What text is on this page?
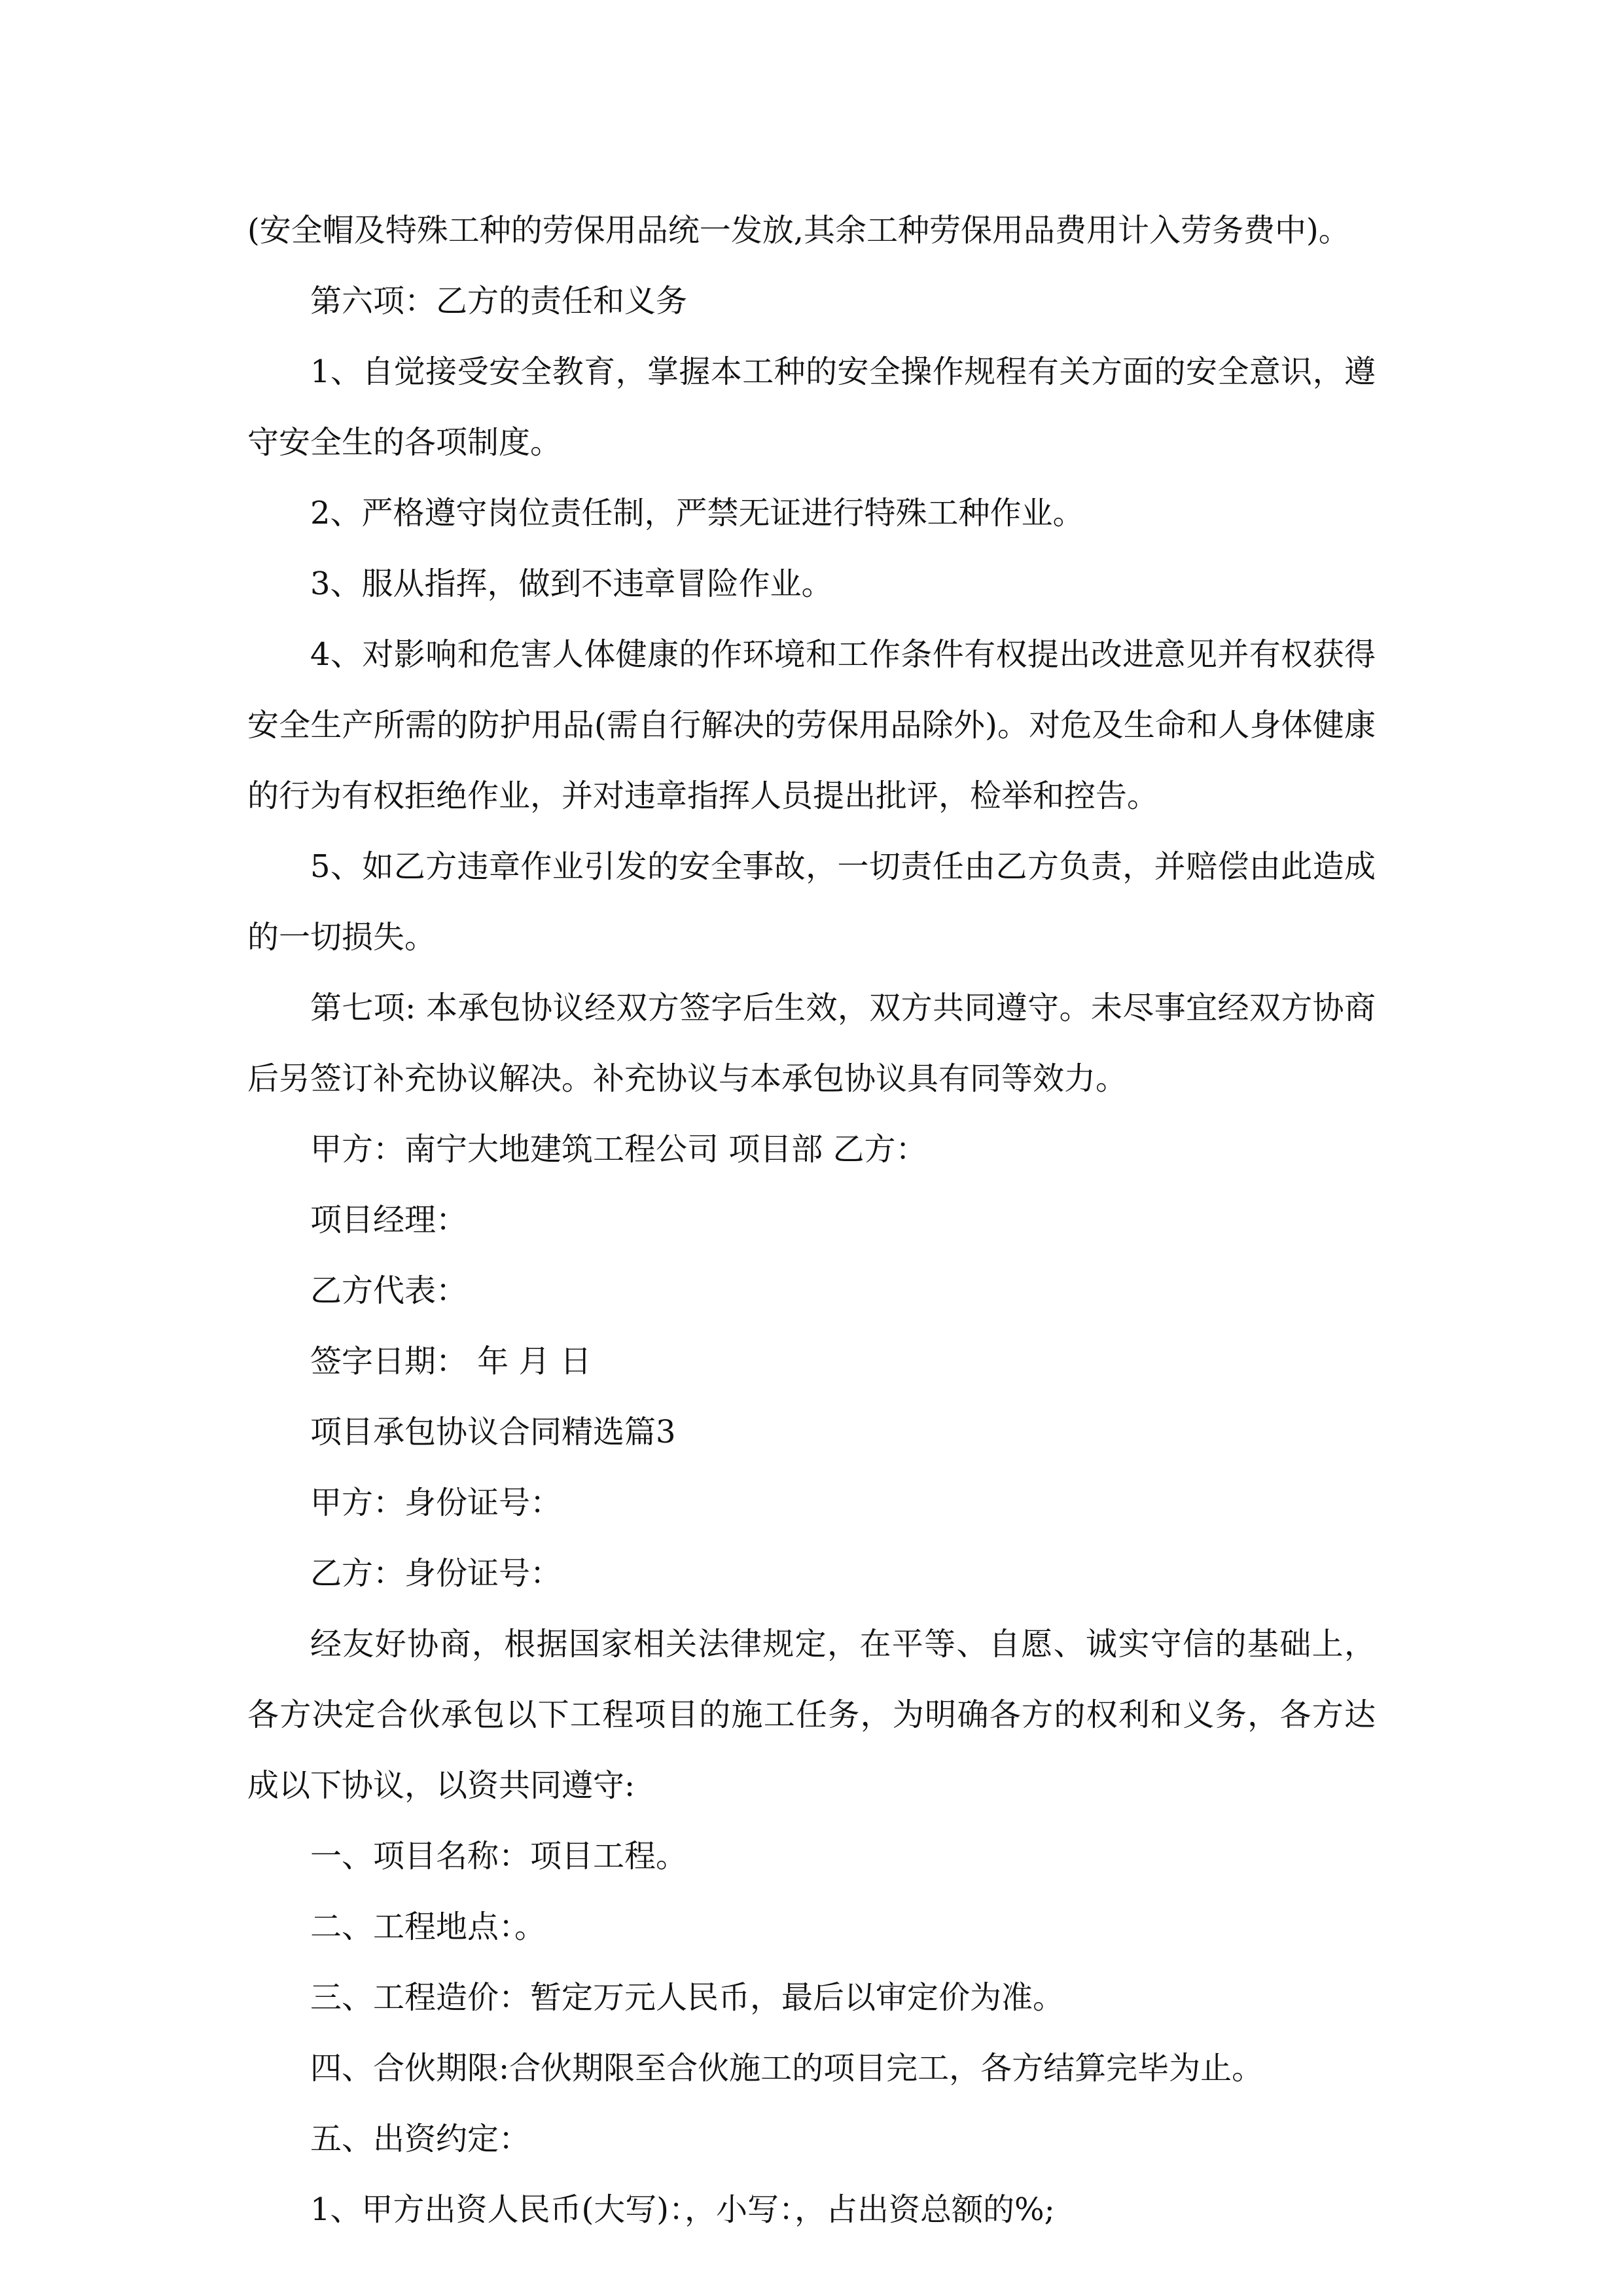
(安全帽及特殊工种的劳保用品统一发放,其余工种劳保用品费用计入劳务费中)。

第六项：乙方的责任和义务

1、自觉接受安全教育，掌握本工种的安全操作规程有关方面的安全意识，遵守安全生的各项制度。

2、严格遵守岗位责任制，严禁无证进行特殊工种作业。

3、服从指挥，做到不违章冒险作业。

4、对影响和危害人体健康的作环境和工作条件有权提出改进意见并有权获得安全生产所需的防护用品(需自行解决的劳保用品除外)。对危及生命和人身体健康的行为有权拒绝作业，并对违章指挥人员提出批评，检举和控告。

5、如乙方违章作业引发的安全事故，一切责任由乙方负责，并赔偿由此造成的一切损失。

第七项: 本承包协议经双方签字后生效，双方共同遵守。未尽事宜经双方协商后另签订补充协议解决。补充协议与本承包协议具有同等效力。

甲方：南宁大地建筑工程公司 项目部 乙方：

项目经理：

乙方代表：

签字日期： 年 月 日

项目承包协议合同精选篇3

甲方：身份证号：

乙方：身份证号：

经友好协商，根据国家相关法律规定，在平等、自愿、诚实守信的基础上，各方决定合伙承包以下工程项目的施工任务，为明确各方的权利和义务，各方达成以下协议，以资共同遵守:

一、项目名称：项目工程。

二、工程地点：。

三、工程造价：暂定万元人民币，最后以审定价为准。

四、合伙期限:合伙期限至合伙施工的项目完工，各方结算完毕为止。

五、出资约定：

1、甲方出资人民币(大写)：，小写：，占出资总额的%;
